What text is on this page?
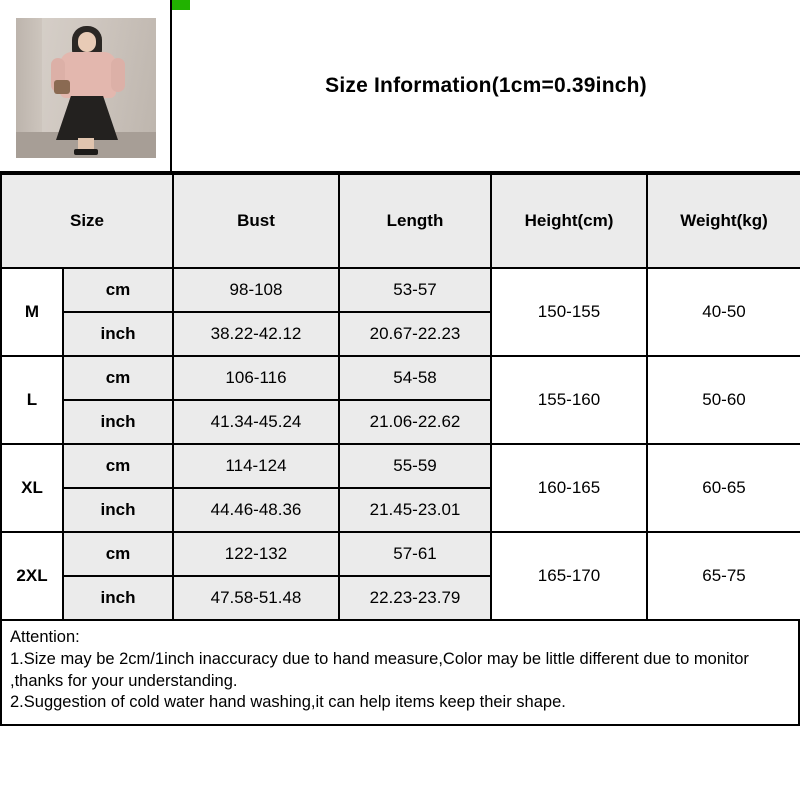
Size Information(1cm=0.39inch)
Size		Bust	Length	Height(cm)	Weight(kg)
M	cm	98-108	53-57	150-155	40-50
	inch	38.22-42.12	20.67-22.23		
L	cm	106-116	54-58	155-160	50-60
	inch	41.34-45.24	21.06-22.62		
XL	cm	114-124	55-59	160-165	60-65
	inch	44.46-48.36	21.45-23.01		
2XL	cm	122-132	57-61	165-170	65-75
	inch	47.58-51.48	22.23-23.79		
Attention:
1.Size may be 2cm/1inch inaccuracy due to hand measure,Color may be little different due to monitor ,thanks for your understanding.
2.Suggestion of cold water hand washing,it can help items keep their shape.
